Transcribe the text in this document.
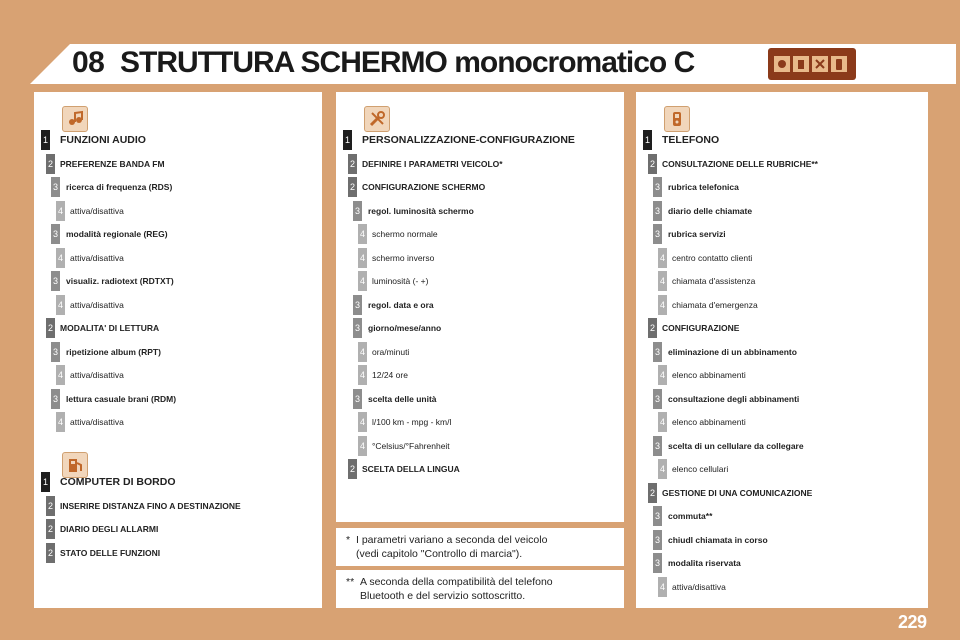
08 STRUTTURA SCHERMO monocromatico C
1 FUNZIONI AUDIO
2 PREFERENZE BANDA FM
3 ricerca di frequenza (RDS)
4 attiva/disattiva
3 modalità regionale (REG)
4 attiva/disattiva
3 visualiz. radiotext (RDTXT)
4 attiva/disattiva
2 MODALITA' DI LETTURA
3 ripetizione album (RPT)
4 attiva/disattiva
3 lettura casuale brani (RDM)
4 attiva/disattiva
1 COMPUTER DI BORDO
2 INSERIRE DISTANZA FINO A DESTINAZIONE
2 DIARIO DEGLI ALLARMI
2 STATO DELLE FUNZIONI
1 PERSONALIZZAZIONE-CONFIGURAZIONE
2 DEFINIRE I PARAMETRI VEICOLO*
2 CONFIGURAZIONE SCHERMO
3 regol. luminosità schermo
4 schermo normale
4 schermo inverso
4 luminosità (- +)
3 regol. data e ora
3 giorno/mese/anno
4 ora/minuti
4 12/24 ore
3 scelta delle unità
4 l/100 km - mpg - km/l
4 °Celsius/°Fahrenheit
2 SCELTA DELLA LINGUA
1 TELEFONO
2 CONSULTAZIONE DELLE RUBRICHE**
3 rubrica telefonica
3 diario delle chiamate
3 rubrica servizi
4 centro contatto clienti
4 chiamata d'assistenza
4 chiamata d'emergenza
2 CONFIGURAZIONE
3 eliminazione di un abbinamento
4 elenco abbinamenti
3 consultazione degli abbinamenti
4 elenco abbinamenti
3 scelta di un cellulare da collegare
4 elenco cellulari
2 GESTIONE DI UNA COMUNICAZIONE
3 commuta**
3 chiudl chiamata in corso
3 modalita riservata
4 attiva/disattiva
* I parametri variano a seconda del veicolo
(vedi capitolo "Controllo di marcia").
** A seconda della compatibilità del telefono
Bluetooth e del servizio sottoscritto.
229
